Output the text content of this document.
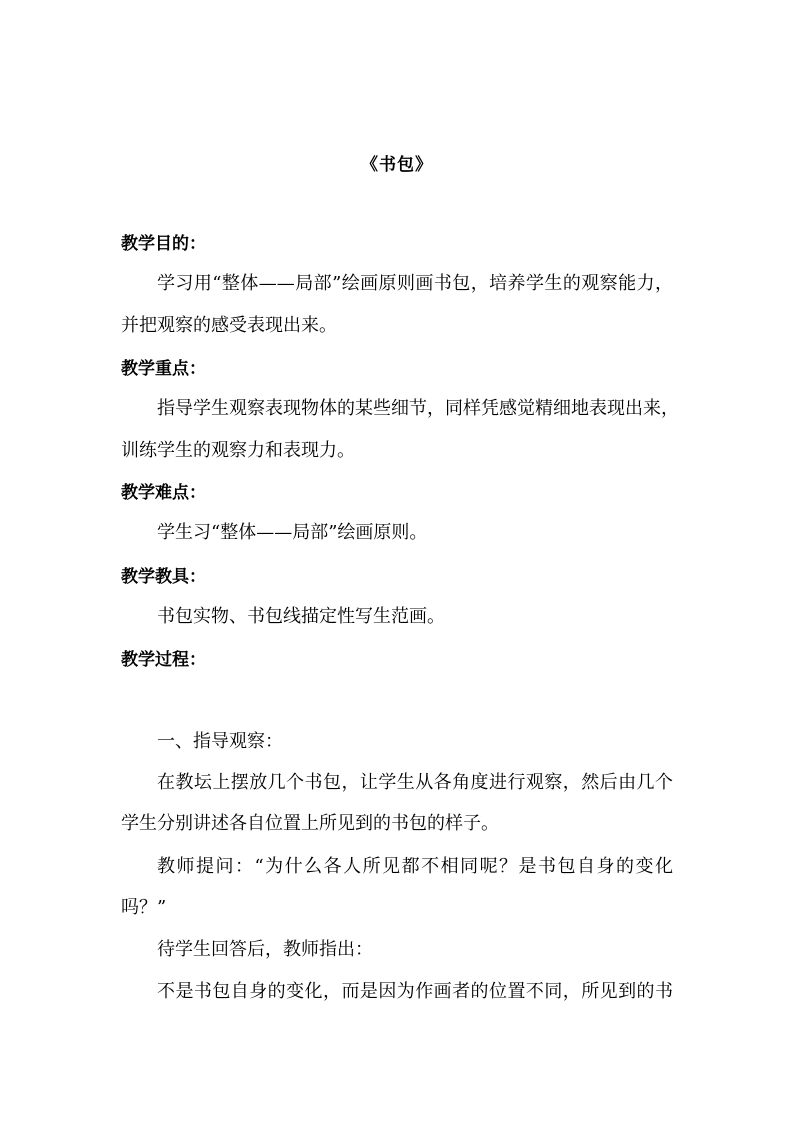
《书包》
教学目的：
学习用“整体——局部”绘画原则画书包，培养学生的观察能力，
并把观察的感受表现出来。
教学重点：
指导学生观察表现物体的某些细节，同样凭感觉精细地表现出来，
训练学生的观察力和表现力。
教学难点：
学生习“整体——局部”绘画原则。
教学教具：
书包实物、书包线描定性写生范画。
教学过程：
一、指导观察：
在教坛上摆放几个书包，让学生从各角度进行观察，然后由几个
学生分别讲述各自位置上所见到的书包的样子。
教师提问：“为什么各人所见都不相同呢？是书包自身的变化
吗？”
待学生回答后，教师指出：
不是书包自身的变化，而是因为作画者的位置不同，所见到的书
